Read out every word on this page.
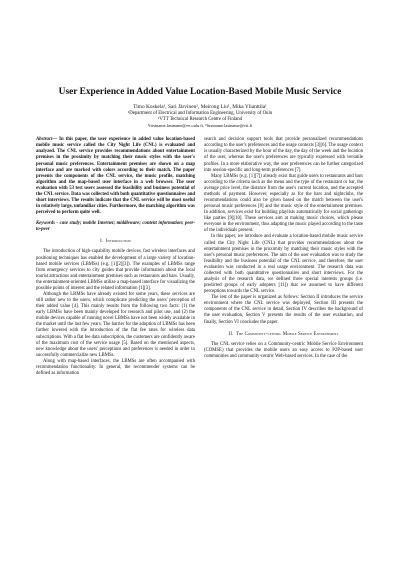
User Experience in Added Value Location-Based Mobile Music Service
Timo Koskela¹, Sari Järvinen², Meirong Liu¹, Mika Ylianttila¹
¹Department of Electrical and Information Engineering, University of Oulu
²VTT Technical Research Centre of Finland
¹firstname.lastname@ee.oulu.fi, ²firstname.lastname@vtt.fi
Abstract— In this paper, the user experience in added value location-based mobile music service called the City Night Life (CNL) is evaluated and analyzed. The CNL service provides recommendations about entertainment premises in the proximity by matching their music styles with the user's personal music preferences. Entertainment premises are shown on a map interface and are marked with colors according to their match. The paper presents the components of the CNL service, the music profile, matching algorithm and the map-based user interface in a web browser. The user evaluation with 53 test users assessed the feasibility and business potential of the CNL service. Data was collected with both quantitative questionnaires and short interviews. The results indicate that the CNL service will be most useful in relatively large, unfamiliar cities. Furthermore, the matching algorithm was perceived to perform quite well.
Keywords - case study; mobile Internet; middleware; content information; peer-to-peer
I. Introduction

The introduction of high-capability mobile devices, fast wireless interfaces and positioning techniques has enabled the development of a large variety of location-based mobile services (LBMSs) (e.g. [1][2][3]). The examples of LBMSs range from emergency services to city guides that provide information about the local tourist attractions and entertainment premises such as restaurants and bars. Usually, the entertainment-oriented LBMSs utilize a map-based interface for visualizing the possible points of interest and the related information [1][3].

Although the LBMSs have already existed for some years, these services are still rather new to the users, which complicate predicting the users' perception of their added value [4]. This mainly results from the following two facts: (1) the early LBMSs have been mainly developed for research and pilot use, and (2) the mobile devices capable of running novel LBMSs have not been widely available in the market until the last few years. The barrier for the adoption of LBMSs has been further lowered with the introduction of the flat fee rates for wireless data subscriptions. With a flat fee data subscription, the customers are confidently aware of the maximum cost of the service usage [5]. Based on the mentioned aspects, new knowledge about the users' perceptions and preferences is needed in order to successfully commercialize new LBMSs.

Along with map-based interfaces, the LBMSs are often accompanied with recommendation functionality. In general, the recommender systems can be defined as information

search and decision support tools that provide personalized recommendations according to the user's preferences and the usage contexts [3][6]. The usage context is usually characterized by the hour of the day, the day of the week and the location of the user, whereas the user's preferences are typically expressed with versatile profiles. In a more elaborative way, the user preferences can be further categorized into session-specific and long-term preferences [7].

Many LBMSs (e.g. [1][7]) already exist that guide users to restaurants and bars according to the criteria such as the menu and the type of the restaurant or bar, the average price level, the distance from the user's current location, and the accepted methods of payment. However, especially as for the bars and nightclubs, the recommendations could also be given based on the match between the user's personal music preferences [8] and the music style of the entertainment premises. In addition, services exist for building playlists automatically for social gatherings like parties [9][10]. These services aim at making music choices, which please everyone in the environment, thus adapting the music played according to the taste of the individuals present.

In this paper, we introduce and evaluate a location-based mobile music service called the City Night Life (CNL) that provides recommendations about the entertainment premises in the proximity by matching their music styles with the user's personal music preferences. The aim of the user evaluation was to study the feasibility and the business potential of the CNL service, and therefore, the user evaluation was conducted in a real usage environment. The research data was collected with both quantitative questionnaires and short interviews. For the analysis of the research data, we defined three special interests groups (i.e. predicted groups of early adopters [11]) that we assumed to have different perceptions towards the CNL service.

The rest of the paper is organized as follows: Section II introduces the service environment where the CNL service was deployed, Section III presents the components of the CNL service in detail, Section IV describes the background of the user evaluation, Section V presents the results of the user evaluation, and finally, Section VI concludes the paper.

II. The Community-centric Mobile Service Environment

The CNL service relies on a Community-centric Mobile Service Environment (COMSE) that provides the mobile users an easy access to P2P-based user communities and community-centric Web-based services. In the case of the
